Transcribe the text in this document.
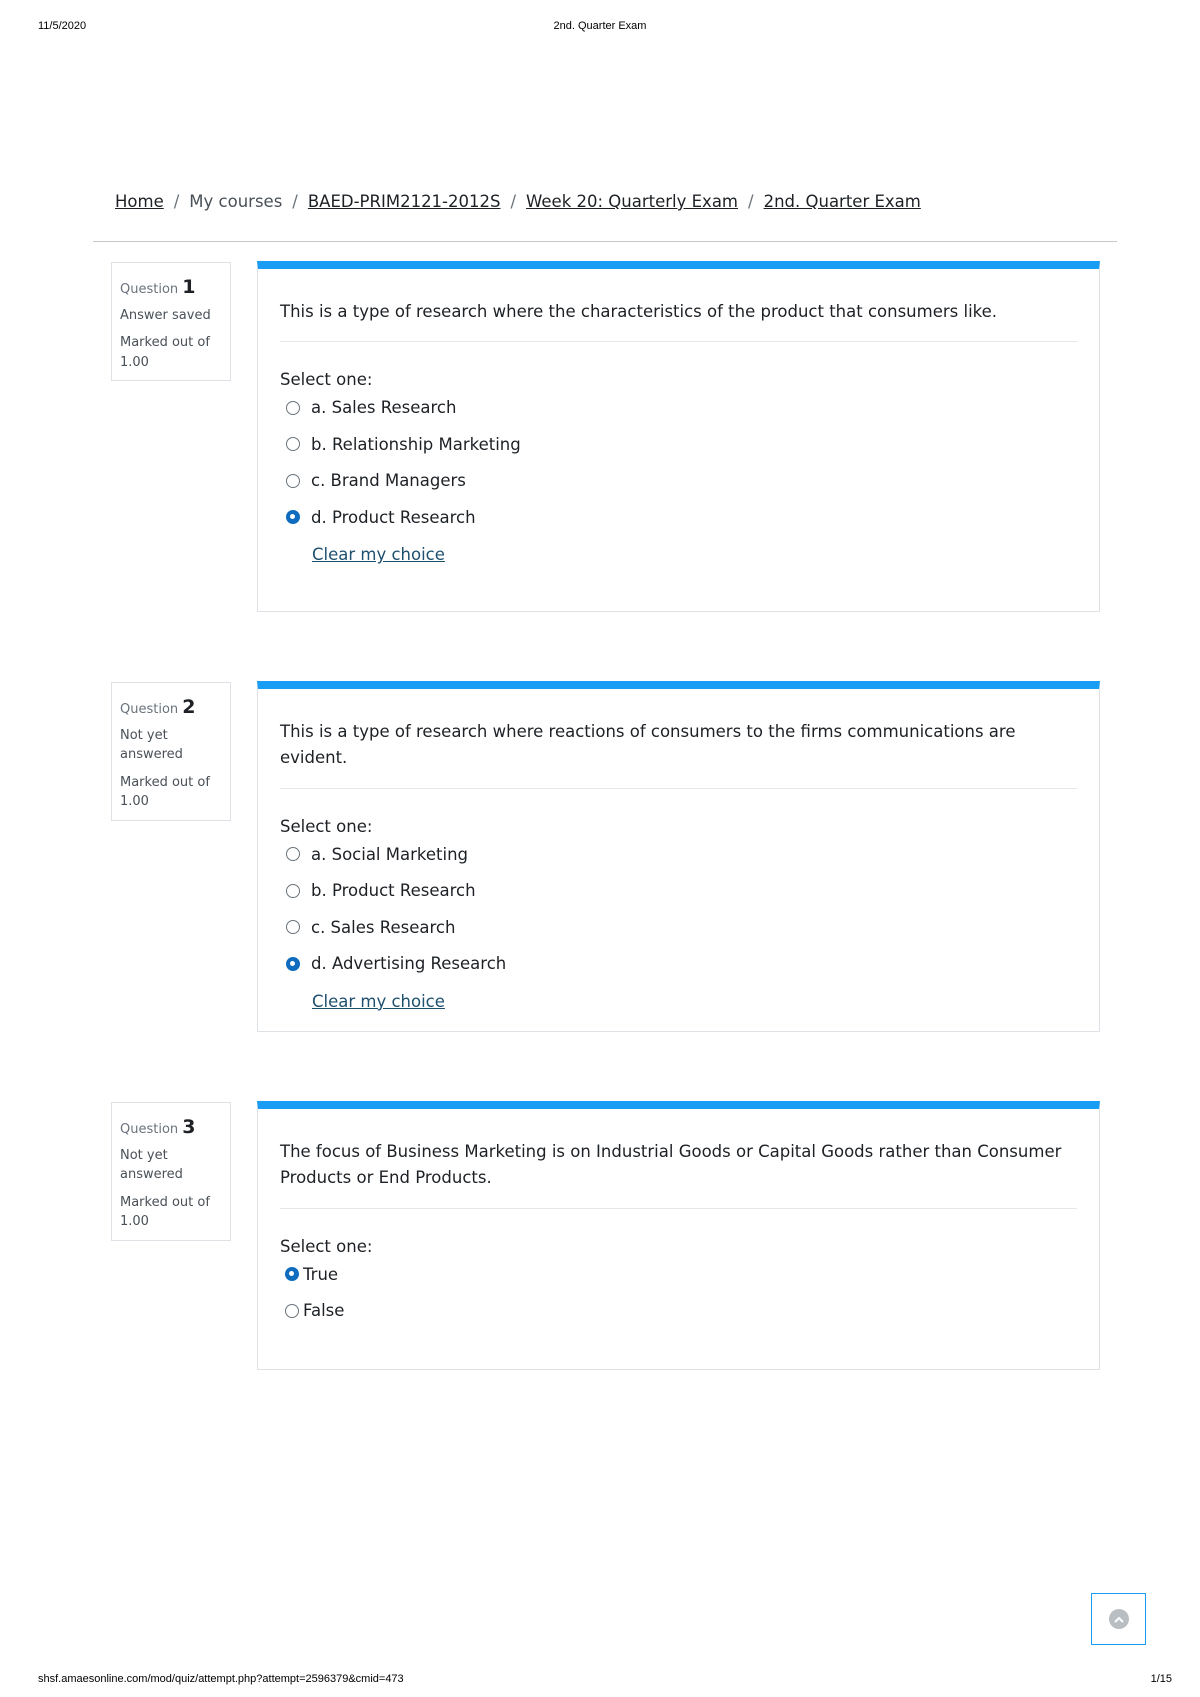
11/5/2020	2nd. Quarter Exam
Home / My courses / BAED-PRIM2121-2012S / Week 20: Quarterly Exam / 2nd. Quarter Exam
Question 1
Answer saved
Marked out of 1.00
This is a type of research where the characteristics of the product that consumers like.
Select one:
a. Sales Research
b. Relationship Marketing
c. Brand Managers
d. Product Research
Clear my choice
Question 2
Not yet answered
Marked out of 1.00
This is a type of research where reactions of consumers to the firms communications are evident.
Select one:
a. Social Marketing
b. Product Research
c. Sales Research
d. Advertising Research
Clear my choice
Question 3
Not yet answered
Marked out of 1.00
The focus of Business Marketing is on Industrial Goods or Capital Goods rather than Consumer Products or End Products.
Select one:
True
False
shsf.amaesonline.com/mod/quiz/attempt.php?attempt=2596379&cmid=473	1/15
